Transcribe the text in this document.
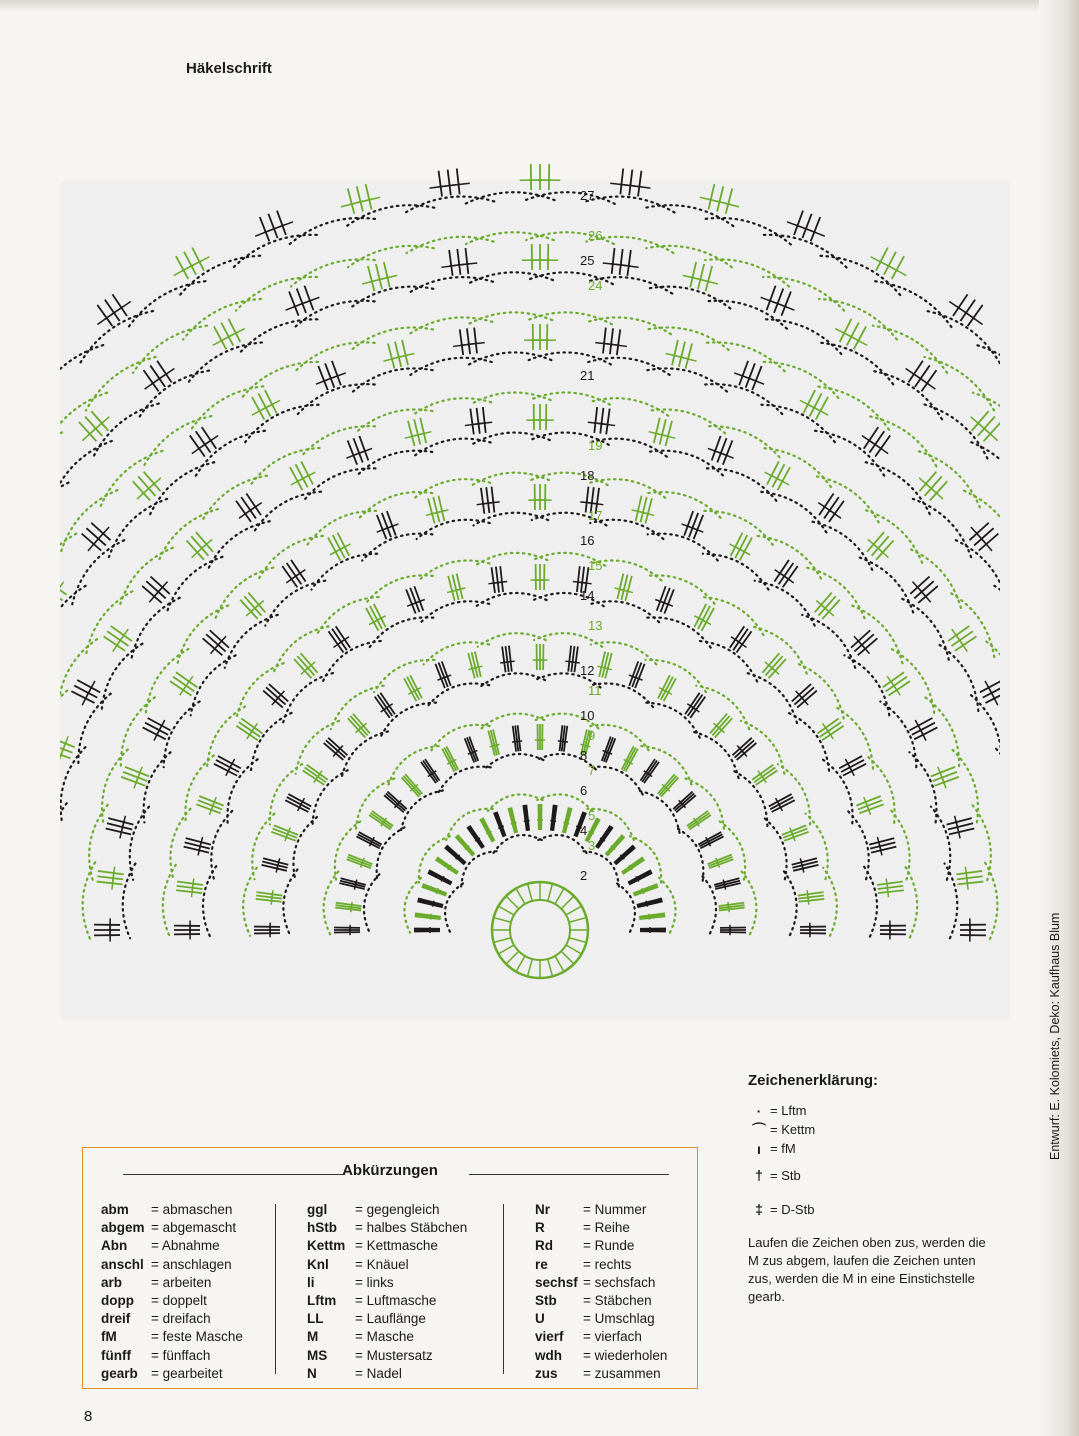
Häkelschrift
2
3
4
5
6
7
8
9
10
11
12
13
14
15
16
17
18
19
21
24
25
26
27
Zeichenerklärung:
· = Lftm
⌒ = Kettm
ı = fM
† = Stb
‡ = D-Stb
Laufen die Zeichen oben zus, werden die M zus abgem, laufen die Zeichen unten zus, werden die M in eine Einstichstelle gearb.
Abkürzungen
abm = abmaschen
abgem = abgemascht
Abn = Abnahme
anschl = anschlagen
arb = arbeiten
dopp = doppelt
dreif = dreifach
fM	= feste Masche
fünff = fünffach
gearb = gearbeitet
ggl = gegengleich
hStb = halbes Stäbchen
Kettm = Kettmasche
Knl = Knäuel
li	= links
Lftm = Luftmasche
LL = Lauflänge
M	= Masche
MS = Mustersatz
N	= Nadel
Nr = Nummer
R	= Reihe
Rd = Runde
re	= rechts
sechsf = sechsfach
Stb = Stäbchen
U	= Umschlag
vierf = vierfach
wdh = wiederholen
zus = zusammen
Entwurf: E. Kolomiets, Deko: Kaufhaus Blum
8
